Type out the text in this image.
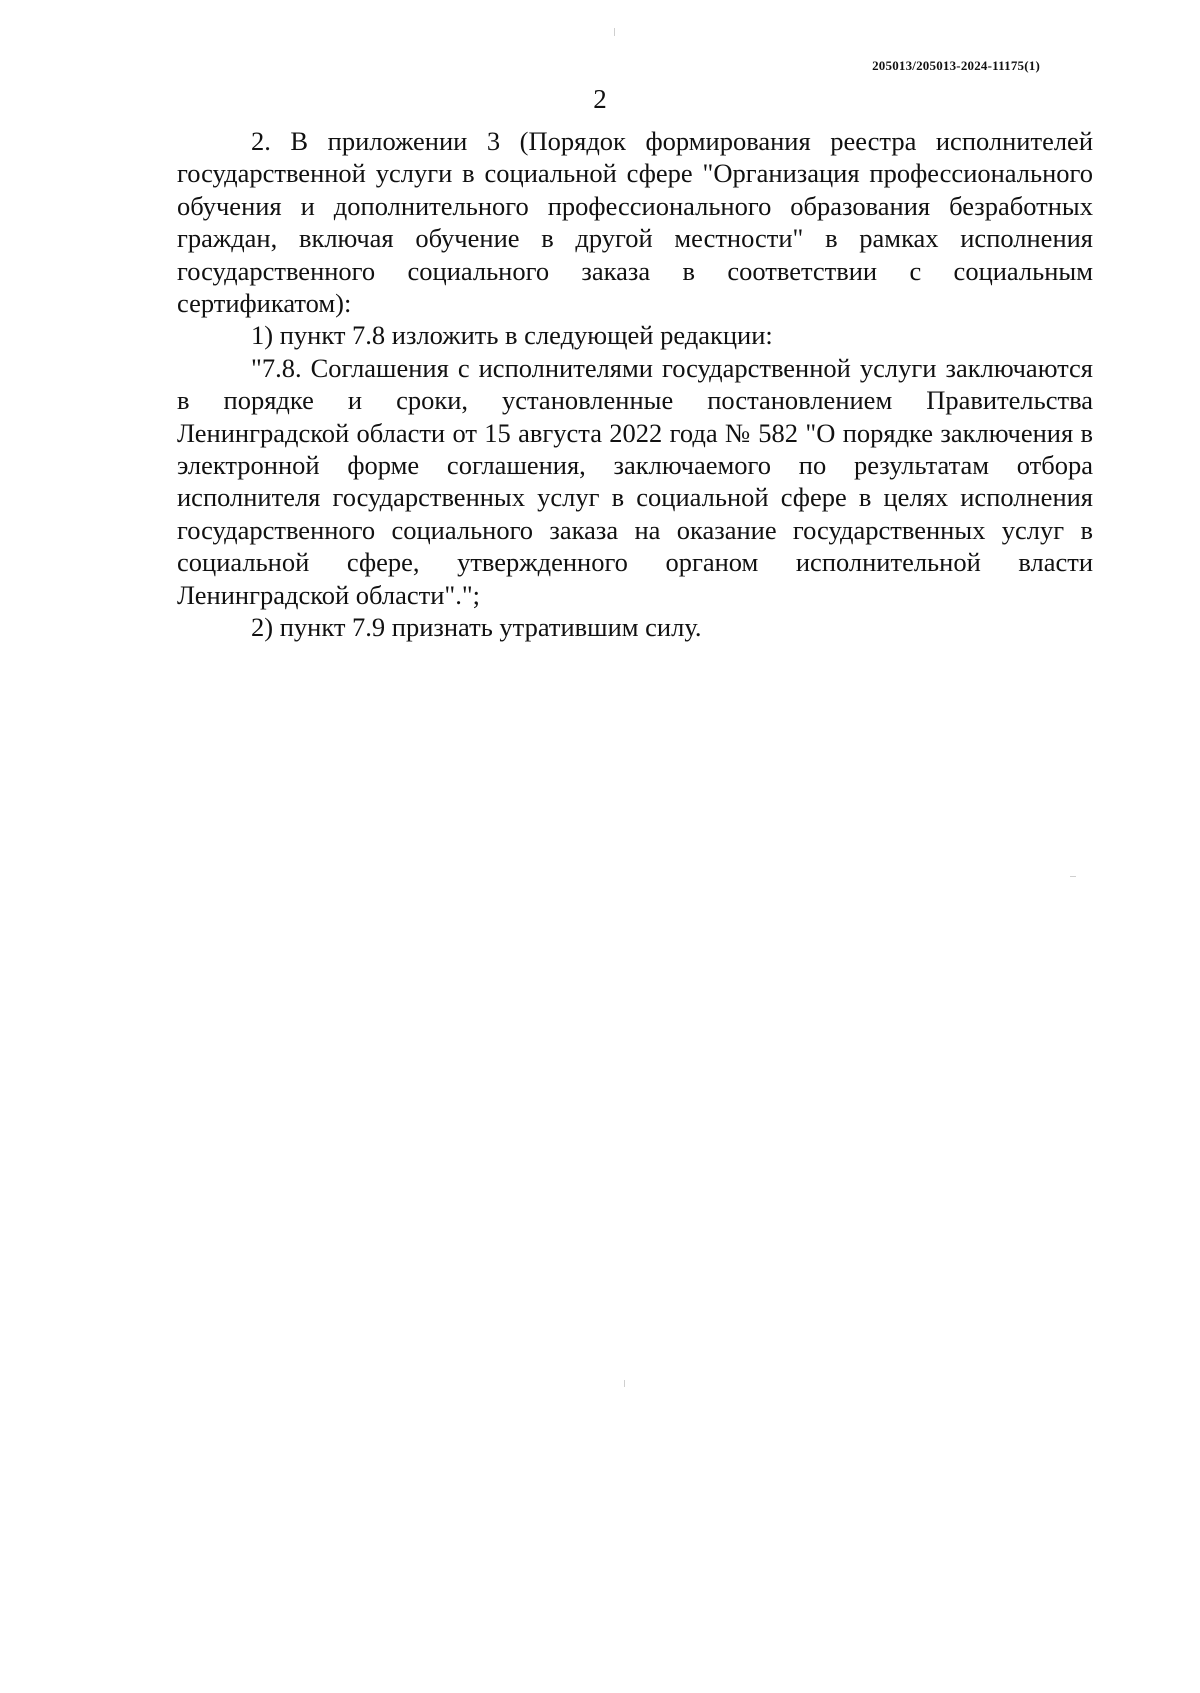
205013/205013-2024-11175(1)
2

2. В приложении 3 (Порядок формирования реестра исполнителей государственной услуги в социальной сфере "Организация профессионального обучения и дополнительного профессионального образования безработных граждан, включая обучение в другой местности" в рамках исполнения государственного социального заказа в соответствии с социальным сертификатом):

1) пункт 7.8 изложить в следующей редакции:

"7.8. Соглашения с исполнителями государственной услуги заключаются в порядке и сроки, установленные постановлением Правительства Ленинградской области от 15 августа 2022 года № 582 "О порядке заключения в электронной форме соглашения, заключаемого по результатам отбора исполнителя государственных услуг в социальной сфере в целях исполнения государственного социального заказа на оказание государственных услуг в социальной сфере, утвержденного органом исполнительной власти Ленинградской области".";

2) пункт 7.9 признать утратившим силу.
